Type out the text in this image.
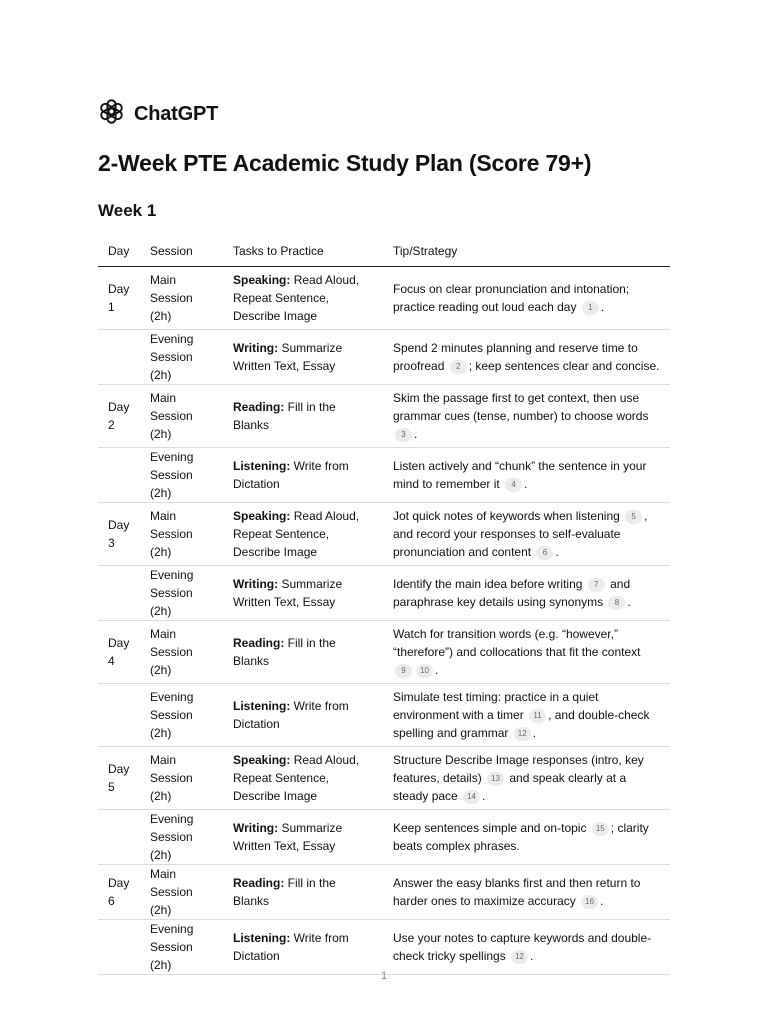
ChatGPT
2-Week PTE Academic Study Plan (Score 79+)
Week 1
Day	Session	Tasks to Practice	Tip/Strategy
Day 1	Main Session (2h)	Speaking: Read Aloud, Repeat Sentence, Describe Image	Focus on clear pronunciation and intonation; practice reading out loud each day 1 .
	Evening Session (2h)	Writing: Summarize Written Text, Essay	Spend 2 minutes planning and reserve time to proofread 2 ; keep sentences clear and concise.
Day 2	Main Session (2h)	Reading: Fill in the Blanks	Skim the passage first to get context, then use grammar cues (tense, number) to choose words 3 .
	Evening Session (2h)	Listening: Write from Dictation	Listen actively and “chunk” the sentence in your mind to remember it 4 .
Day 3	Main Session (2h)	Speaking: Read Aloud, Repeat Sentence, Describe Image	Jot quick notes of keywords when listening 5 , and record your responses to self-evaluate pronunciation and content 6 .
	Evening Session (2h)	Writing: Summarize Written Text, Essay	Identify the main idea before writing 7 and paraphrase key details using synonyms 8 .
Day 4	Main Session (2h)	Reading: Fill in the Blanks	Watch for transition words (e.g. “however,” “therefore”) and collocations that fit the context 9 10 .
	Evening Session (2h)	Listening: Write from Dictation	Simulate test timing: practice in a quiet environment with a timer 11 , and double-check spelling and grammar 12 .
Day 5	Main Session (2h)	Speaking: Read Aloud, Repeat Sentence, Describe Image	Structure Describe Image responses (intro, key features, details) 13 and speak clearly at a steady pace 14 .
	Evening Session (2h)	Writing: Summarize Written Text, Essay	Keep sentences simple and on-topic 15 ; clarity beats complex phrases.
Day 6	Main Session (2h)	Reading: Fill in the Blanks	Answer the easy blanks first and then return to harder ones to maximize accuracy 16 .
	Evening Session (2h)	Listening: Write from Dictation	Use your notes to capture keywords and double-check tricky spellings 12 .
1
